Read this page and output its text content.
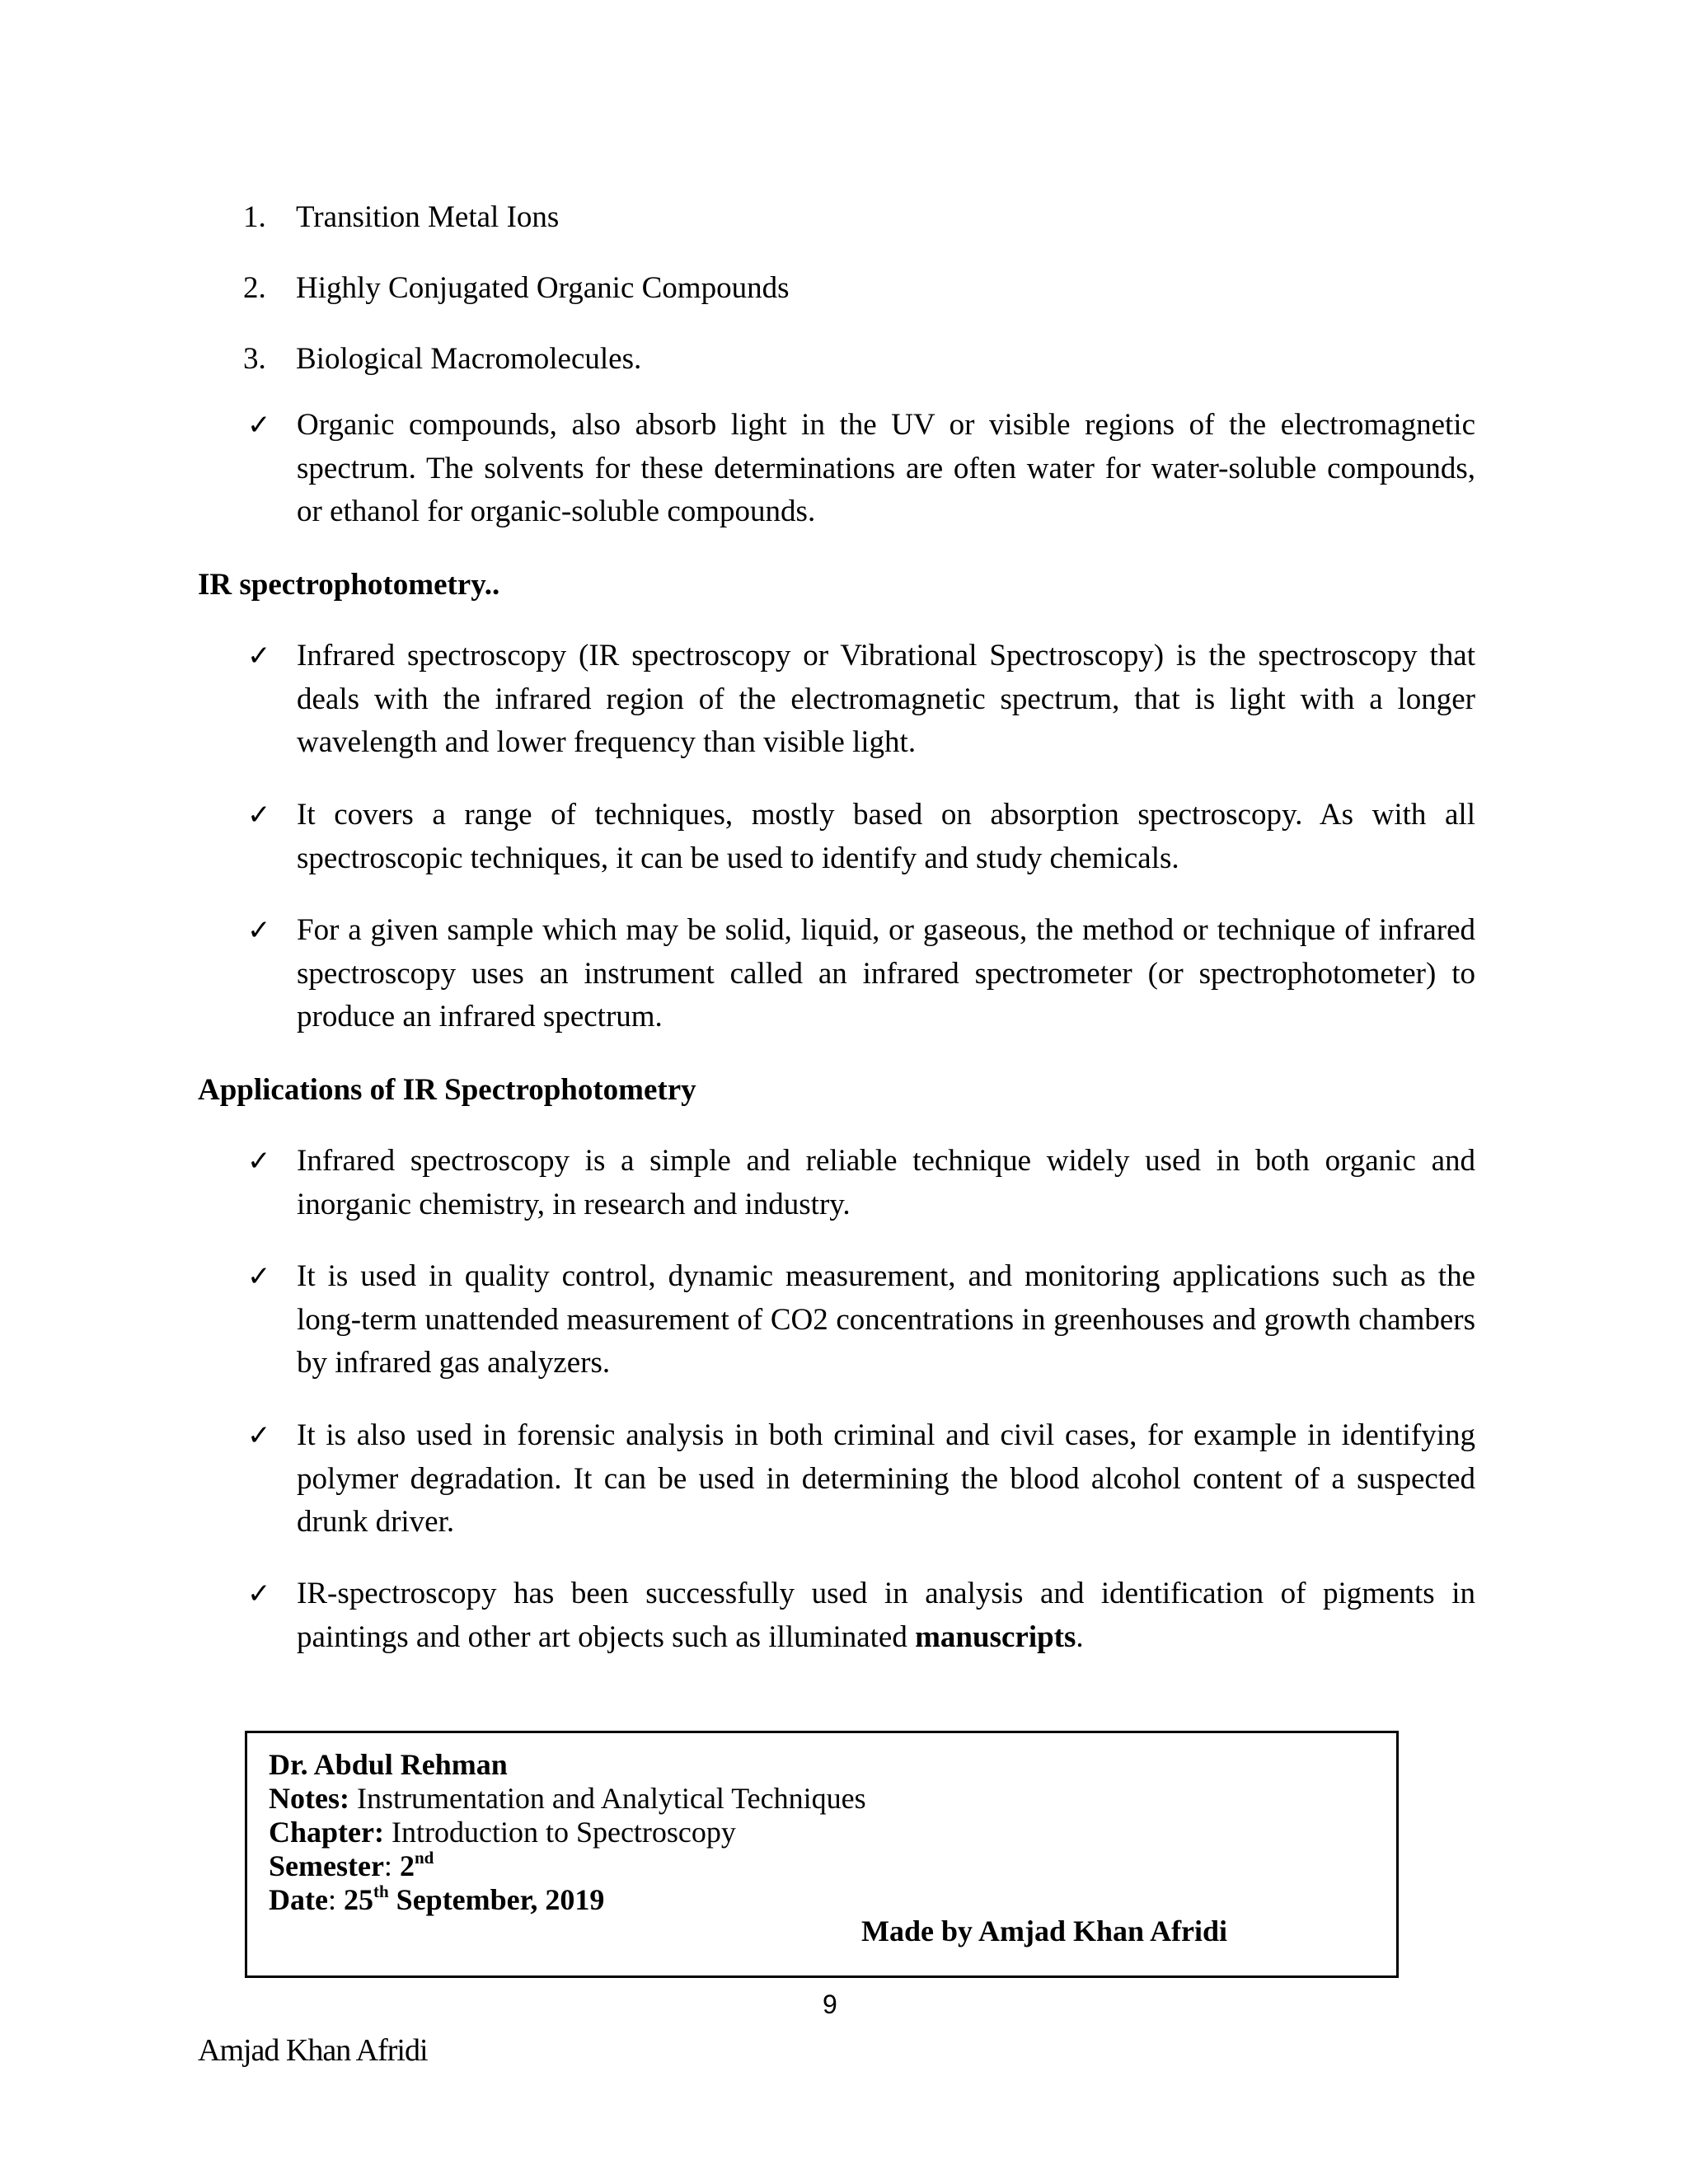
1. Transition Metal Ions
2. Highly Conjugated Organic Compounds
3. Biological Macromolecules.
✓ Organic compounds, also absorb light in the UV or visible regions of the electromagnetic spectrum. The solvents for these determinations are often water for water-soluble compounds, or ethanol for organic-soluble compounds.
IR spectrophotometry..
✓ Infrared spectroscopy (IR spectroscopy or Vibrational Spectroscopy) is the spectroscopy that deals with the infrared region of the electromagnetic spectrum, that is light with a longer wavelength and lower frequency than visible light.
✓ It covers a range of techniques, mostly based on absorption spectroscopy. As with all spectroscopic techniques, it can be used to identify and study chemicals.
✓ For a given sample which may be solid, liquid, or gaseous, the method or technique of infrared spectroscopy uses an instrument called an infrared spectrometer (or spectrophotometer) to produce an infrared spectrum.
Applications of IR Spectrophotometry
✓ Infrared spectroscopy is a simple and reliable technique widely used in both organic and inorganic chemistry, in research and industry.
✓ It is used in quality control, dynamic measurement, and monitoring applications such as the long-term unattended measurement of CO2 concentrations in greenhouses and growth chambers by infrared gas analyzers.
✓ It is also used in forensic analysis in both criminal and civil cases, for example in identifying polymer degradation. It can be used in determining the blood alcohol content of a suspected drunk driver.
✓ IR-spectroscopy has been successfully used in analysis and identification of pigments in paintings and other art objects such as illuminated manuscripts.
Dr. Abdul Rehman
Notes: Instrumentation and Analytical Techniques
Chapter: Introduction to Spectroscopy
Semester: 2nd
Date: 25th September, 2019
Made by Amjad Khan Afridi
9
Amjad Khan Afridi
